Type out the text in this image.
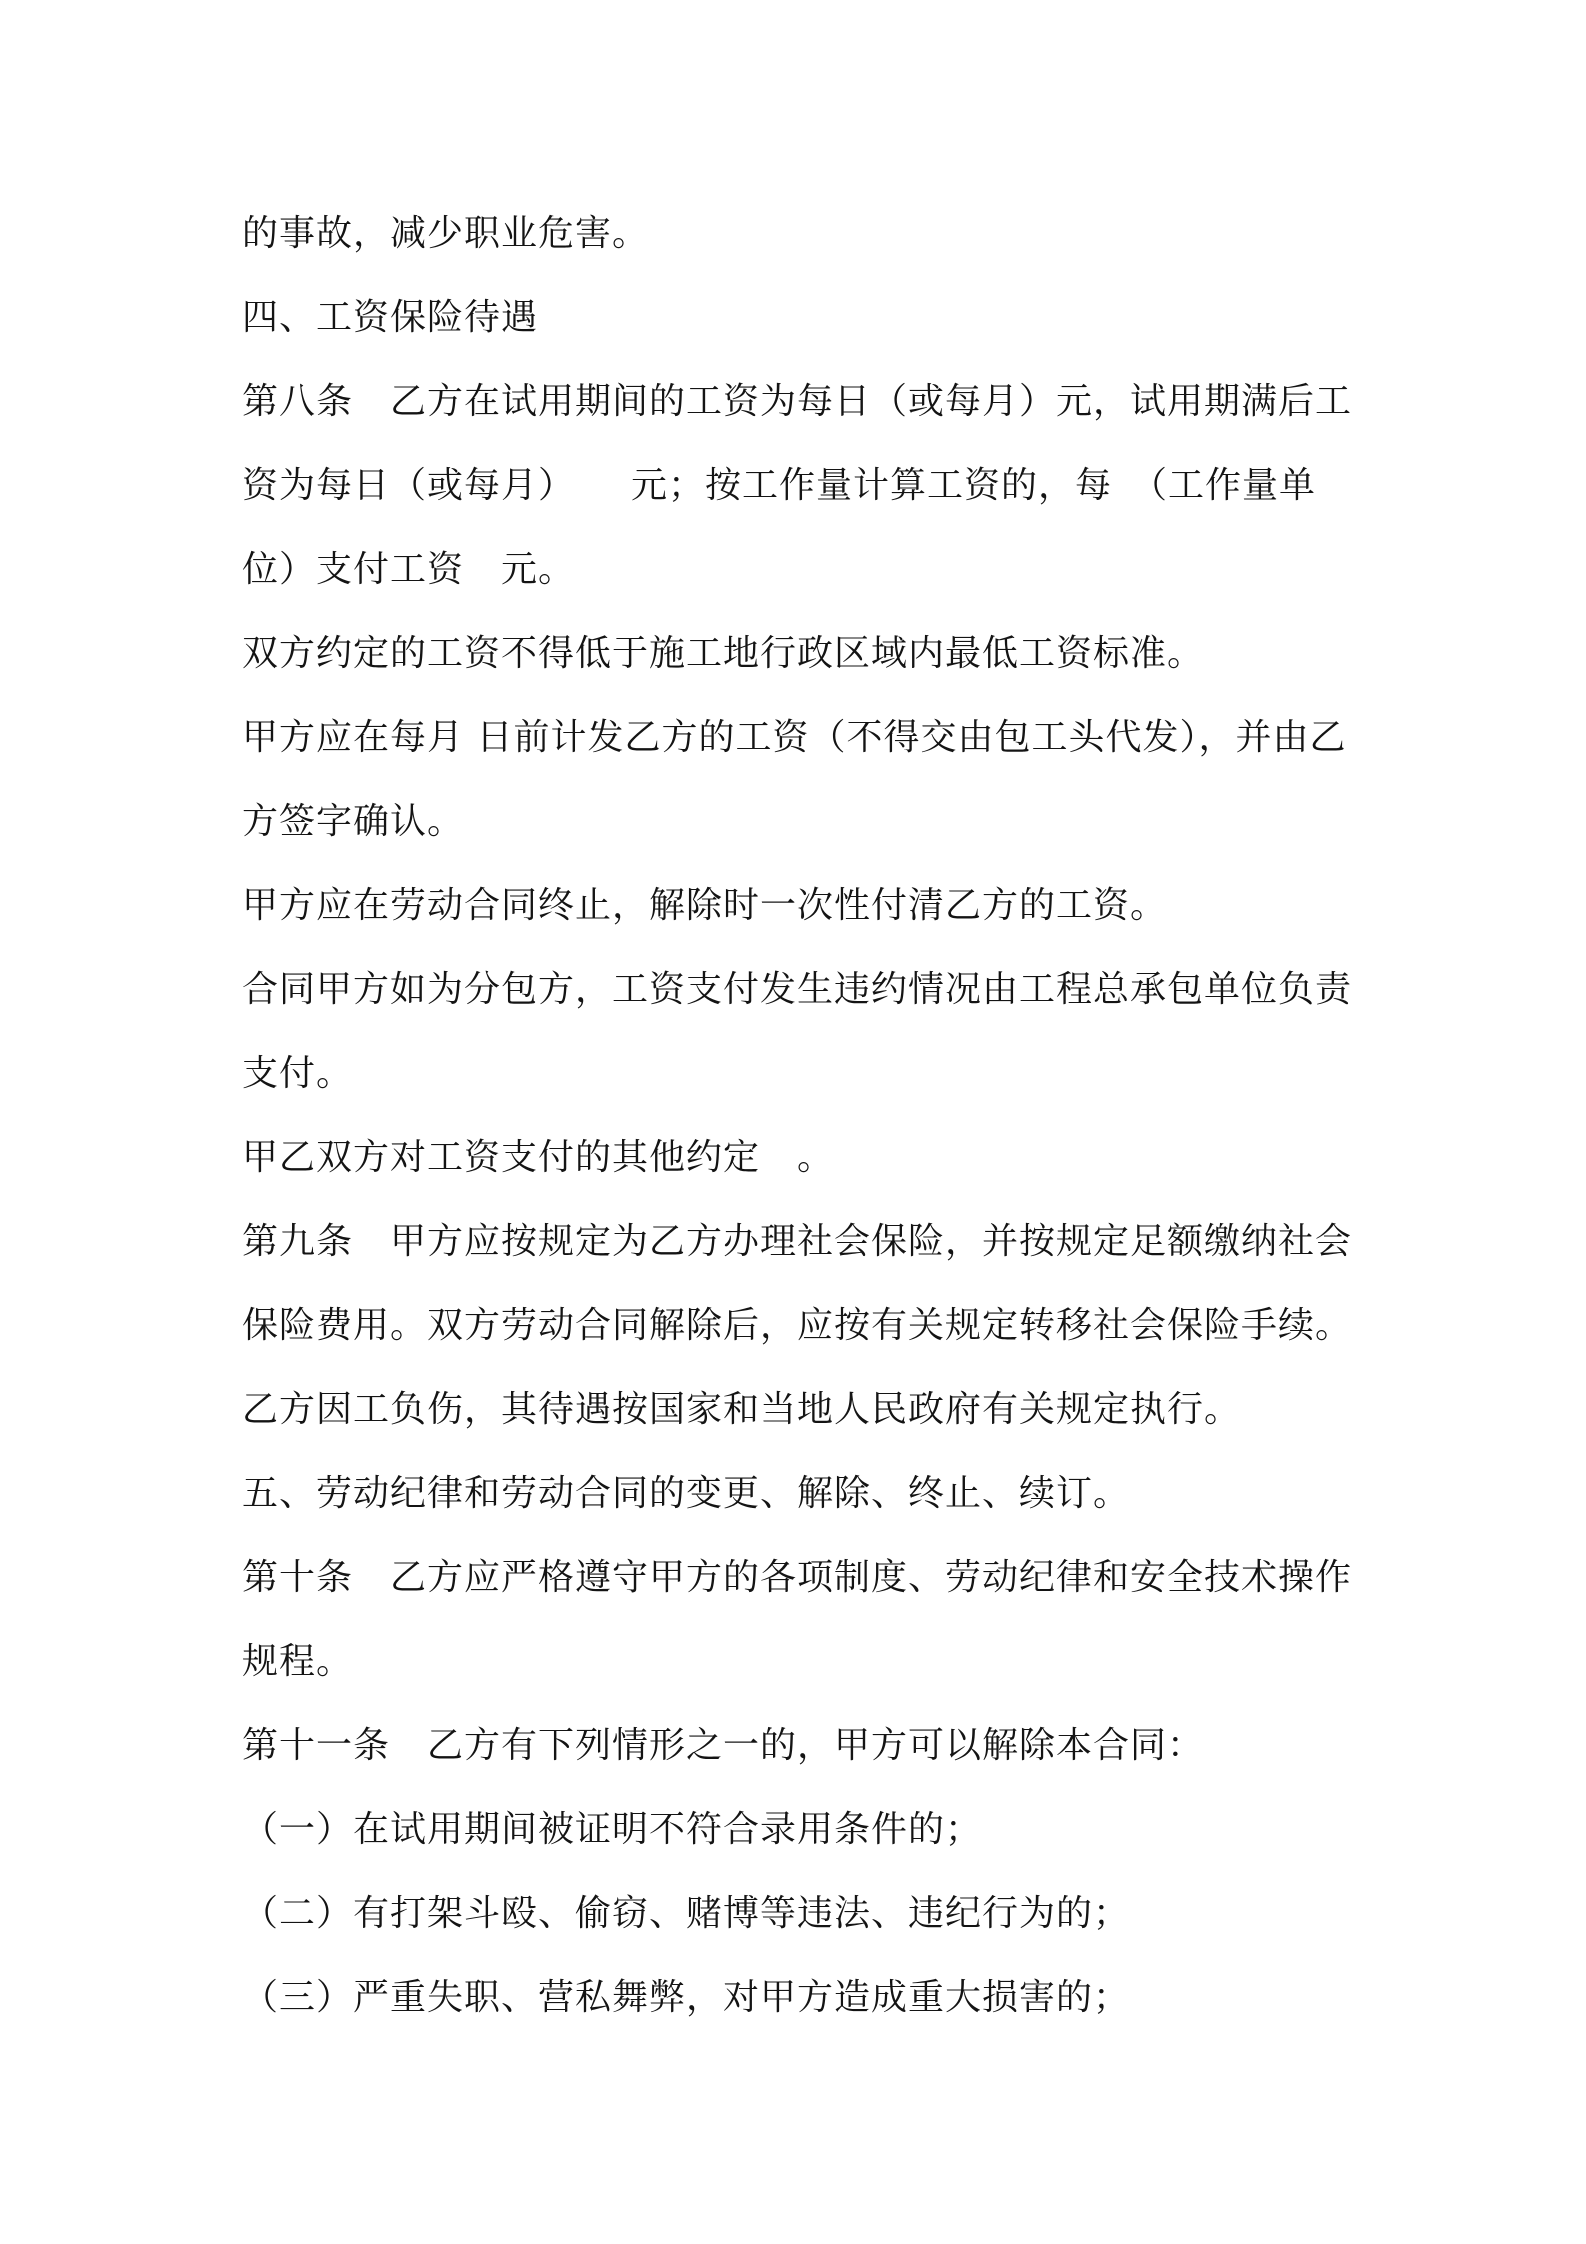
的事故，减少职业危害。
四、工资保险待遇
第八条　乙方在试用期间的工资为每日（或每月）元，试用期满后工
资为每日（或每月）　　元；按工作量计算工资的，每　（工作量单
位）支付工资　元。
双方约定的工资不得低于施工地行政区域内最低工资标准。
甲方应在每月 日前计发乙方的工资（不得交由包工头代发），并由乙
方签字确认。
甲方应在劳动合同终止，解除时一次性付清乙方的工资。
合同甲方如为分包方，工资支付发生违约情况由工程总承包单位负责
支付。
甲乙双方对工资支付的其他约定　。
第九条　甲方应按规定为乙方办理社会保险，并按规定足额缴纳社会
保险费用。双方劳动合同解除后，应按有关规定转移社会保险手续。
乙方因工负伤，其待遇按国家和当地人民政府有关规定执行。
五、劳动纪律和劳动合同的变更、解除、终止、续订。
第十条　乙方应严格遵守甲方的各项制度、劳动纪律和安全技术操作
规程。
第十一条　乙方有下列情形之一的，甲方可以解除本合同：
（一）在试用期间被证明不符合录用条件的；
（二）有打架斗殴、偷窃、赌博等违法、违纪行为的；
（三）严重失职、营私舞弊，对甲方造成重大损害的；
